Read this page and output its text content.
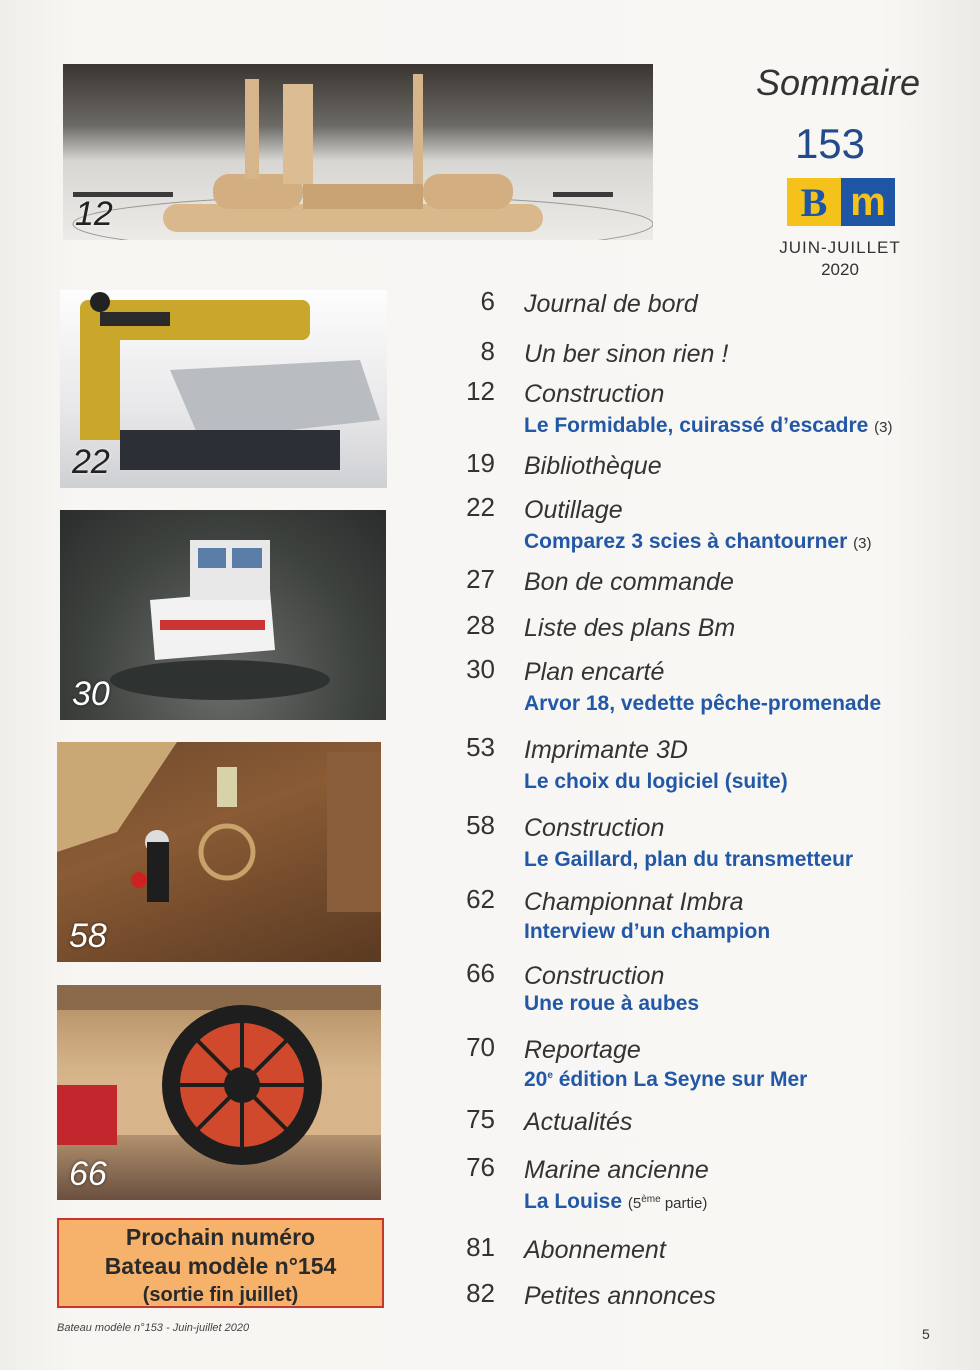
12
22
30
58
66
Sommaire
153
B m
JUIN-JUILLET
2020
6 Journal de bord
8 Un ber sinon rien !
12 Construction
Le Formidable, cuirassé d’escadre (3)
19 Bibliothèque
22 Outillage
Comparez 3 scies à chantourner (3)
27 Bon de commande
28 Liste des plans Bm
30 Plan encarté
Arvor 18, vedette pêche-promenade
53 Imprimante 3D
Le choix du logiciel (suite)
58 Construction
Le Gaillard, plan du transmetteur
62 Championnat Imbra
Interview d’un champion
66 Construction
Une roue à aubes
70 Reportage
20e édition La Seyne sur Mer
75 Actualités
76 Marine ancienne
La Louise (5ème partie)
81 Abonnement
82 Petites annonces
Prochain numéro
Bateau modèle n°154
(sortie fin juillet)
Bateau modèle n°153 - Juin-juillet 2020	5
